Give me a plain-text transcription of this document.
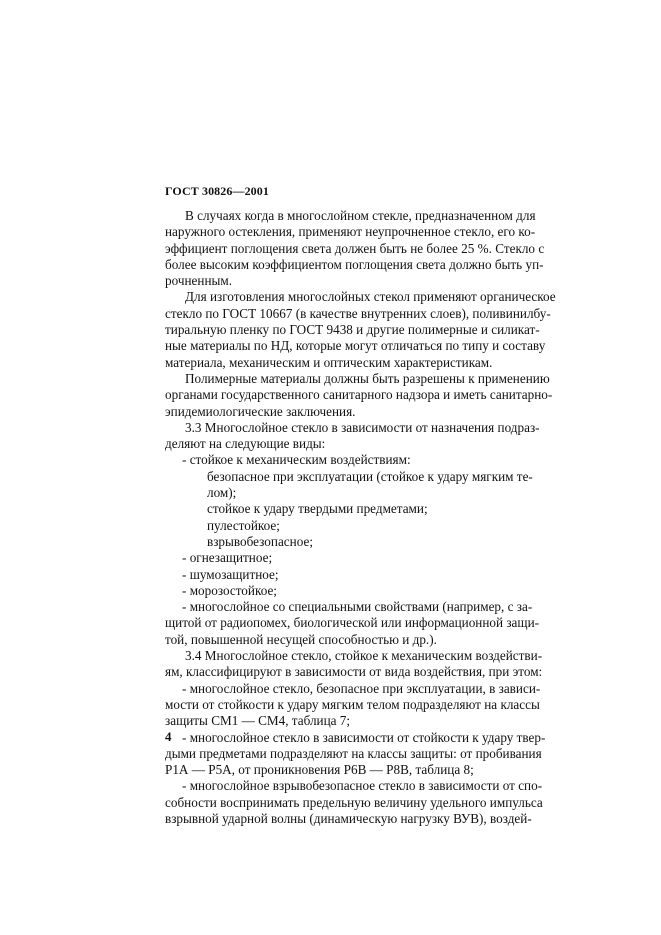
ГОСТ 30826—2001
В случаях когда в многослойном стекле, предназначенном для
наружного остекления, применяют неупрочненное стекло, его ко-
эффициент поглощения света должен быть не более 25 %. Стекло с
более высоким коэффициентом поглощения света должно быть уп-
рочненным.
Для изготовления многослойных стекол применяют органическое
стекло по ГОСТ 10667 (в качестве внутренних слоев), поливинилбу-
тиральную пленку по ГОСТ 9438 и другие полимерные и силикат-
ные материалы по НД, которые могут отличаться по типу и составу
материала, механическим и оптическим характеристикам.
Полимерные материалы должны быть разрешены к применению
органами государственного санитарного надзора и иметь санитарно-
эпидемиологические заключения.
3.3 Многослойное стекло в зависимости от назначения подраз-
деляют на следующие виды:
- стойкое к механическим воздействиям:
безопасное при эксплуатации (стойкое к удару мягким те-
лом);
стойкое к удару твердыми предметами;
пулестойкое;
взрывобезопасное;
- огнезащитное;
- шумозащитное;
- морозостойкое;
- многослойное со специальными свойствами (например, с за-
щитой от радиопомех, биологической или информационной защи-
той, повышенной несущей способностью и др.).
3.4 Многослойное стекло, стойкое к механическим воздействи-
ям, классифицируют в зависимости от вида воздействия, при этом:
- многослойное стекло, безопасное при эксплуатации, в зависи-
мости от стойкости к удару мягким телом подразделяют на классы
защиты СМ1 — СМ4, таблица 7;
- многослойное стекло в зависимости от стойкости к удару твер-
дыми предметами подразделяют на классы защиты: от пробивания
Р1А — Р5А, от проникновения Р6В — Р8В, таблица 8;
- многослойное взрывобезопасное стекло в зависимости от спо-
собности воспринимать предельную величину удельного импульса
взрывной ударной волны (динамическую нагрузку ВУВ), воздей-
4
